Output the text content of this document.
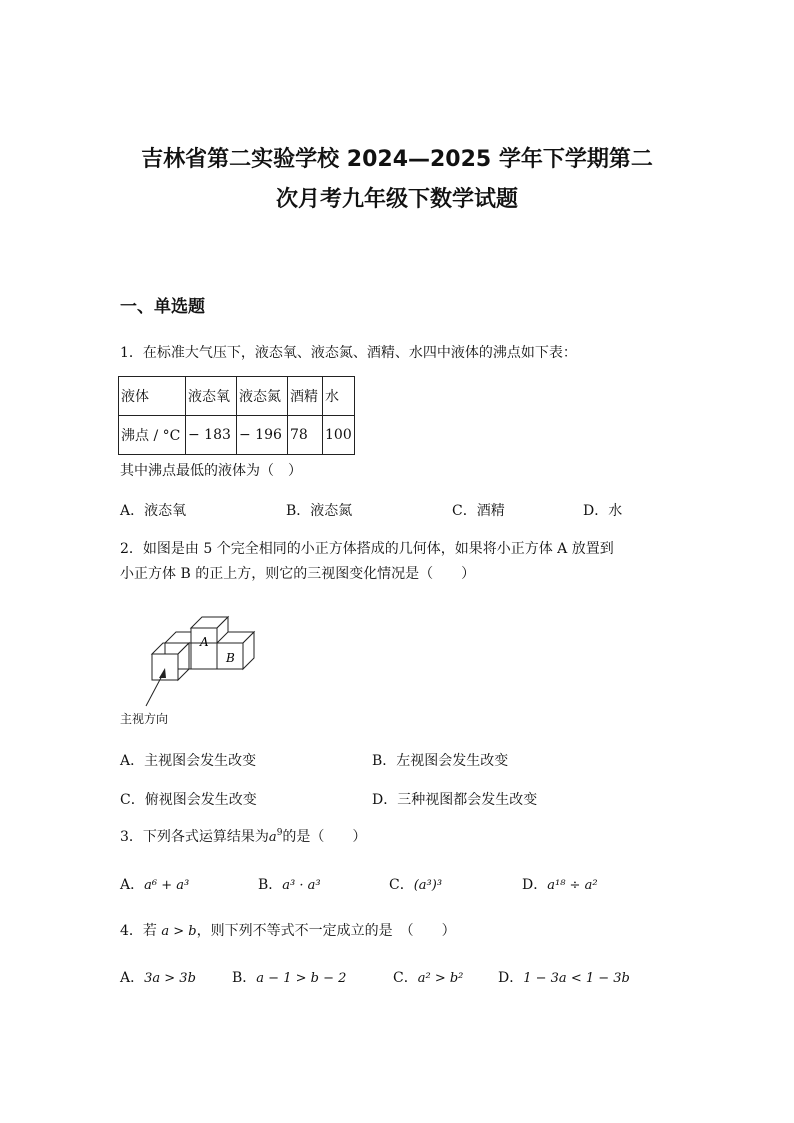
吉林省第二实验学校 2024—2025 学年下学期第二
次月考九年级下数学试题
一、单选题
1．在标准大气压下，液态氧、液态氮、酒精、水四中液体的沸点如下表：
液体	液态氧	液态氮	酒精	水
沸点 / °C	− 183	− 196	78	100
其中沸点最低的液体为（　）
A．液态氧	B．液态氮	C．酒精	D．水
2．如图是由 5 个完全相同的小正方体搭成的几何体，如果将小正方体 A 放置到
小正方体 B 的正上方，则它的三视图变化情况是（　　）
A
B
主视方向
A．主视图会发生改变	B．左视图会发生改变
C．俯视图会发生改变	D．三种视图都会发生改变
3．下列各式运算结果为$a^9$的是（　　）
A．a⁶ + a³	B．a³ · a³	C．(a³)³	D．a¹⁸ ÷ a²
4．若 a > b，则下列不等式不一定成立的是　（　　）
A．3a > 3b	B．a − 1 > b − 2	C．a² > b² D．1 − 3a < 1 − 3b
